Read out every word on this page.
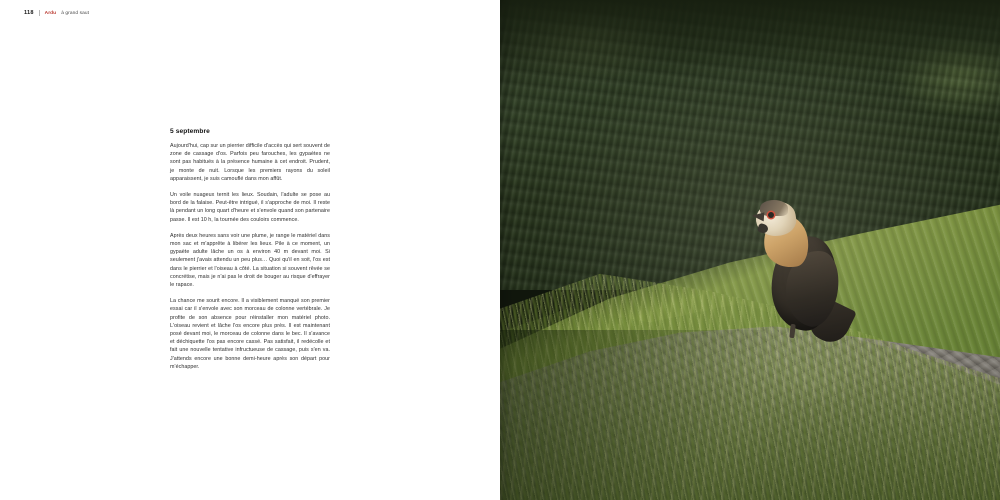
118 Ardu à grand saut
5 septembre

Aujourd'hui, cap sur un pierrier difficile d'accès qui sert souvent de zone de cassage d'os. Parfois peu farouches, les gypaètes ne sont pas habitués à la présence humaine à cet endroit. Prudent, je monte de nuit. Lorsque les premiers rayons du soleil apparaissent, je suis camouflé dans mon affût.

Un voile nuageux ternit les lieux. Soudain, l'adulte se pose au bord de la falaise. Peut-être intrigué, il s'approche de moi. Il reste là pendant un long quart d'heure et s'envole quand son partenaire passe. Il est 10 h, la tournée des couloirs commence.

Après deux heures sans voir une plume, je range le matériel dans mon sac et m'apprête à libérer les lieux. Pile à ce moment, un gypaète adulte lâche un os à environ 40 m devant moi. Si seulement j'avais attendu un peu plus… Quoi qu'il en soit, l'os est dans le pierrier et l'oiseau à côté. La situation si souvent rêvée se concrétise, mais je n'ai pas le droit de bouger au risque d'effrayer le rapace.

La chance me sourit encore. Il a visiblement manqué son premier essai car il s'envole avec son morceau de colonne vertébrale. Je profite de son absence pour réinstaller mon matériel photo. L'oiseau revient et lâche l'os encore plus près. Il est maintenant posé devant moi, le morceau de colonne dans le bec. Il s'avance et déchiquette l'os pas encore cassé. Pas satisfait, il redécolle et fait une nouvelle tentative infructueuse de cassage, puis s'en va. J'attends encore une bonne demi-heure après son départ pour m'échapper.
